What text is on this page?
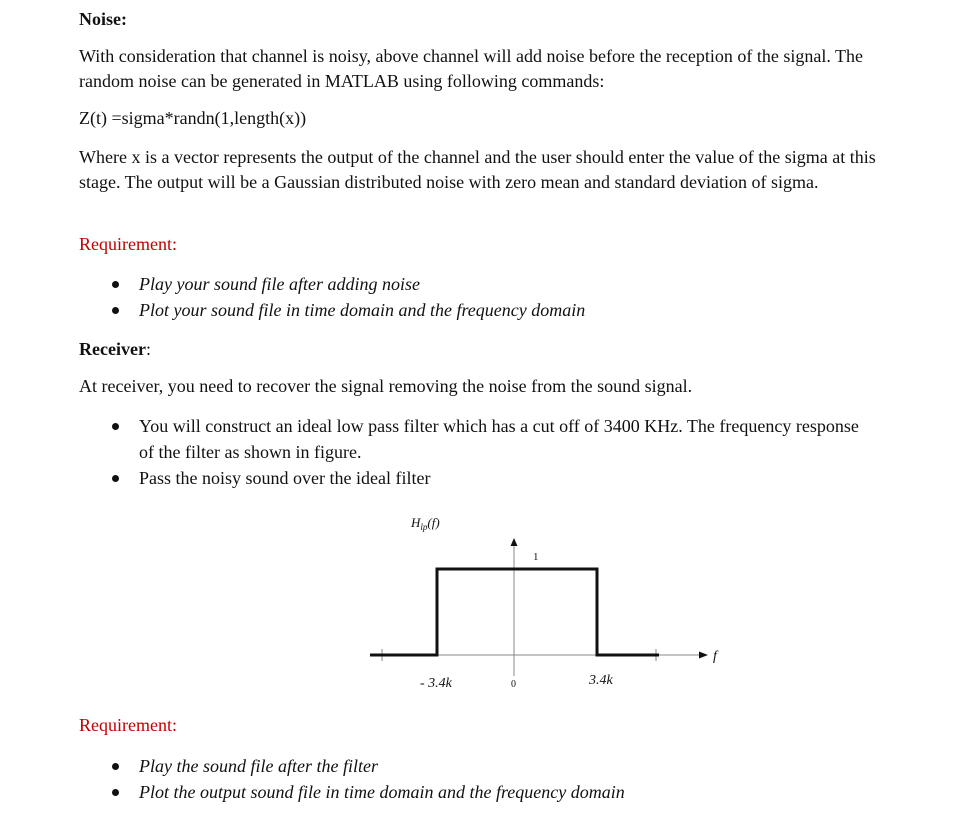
Noise:
With consideration that channel is noisy, above channel will add noise before the reception of the signal. The random noise can be generated in MATLAB using following commands:
Z(t) =sigma*randn(1,length(x))
Where x is a vector represents the output of the channel and the user should enter the value of the sigma at this stage. The output will be a Gaussian distributed noise with zero mean and standard deviation of sigma.
Requirement:
Play your sound file after adding noise
Plot your sound file in time domain and the frequency domain
Receiver:
At receiver, you need to recover the signal removing the noise from the sound signal.
You will construct an ideal low pass filter which has a cut off of 3400 KHz. The frequency response of the filter as shown in figure.
Pass the noisy sound over the ideal filter
$H_{lp}(f)$
1
f
- 3.4k	0	3.4k
Requirement:
Play the sound file after the filter
Plot the output sound file in time domain and the frequency domain
